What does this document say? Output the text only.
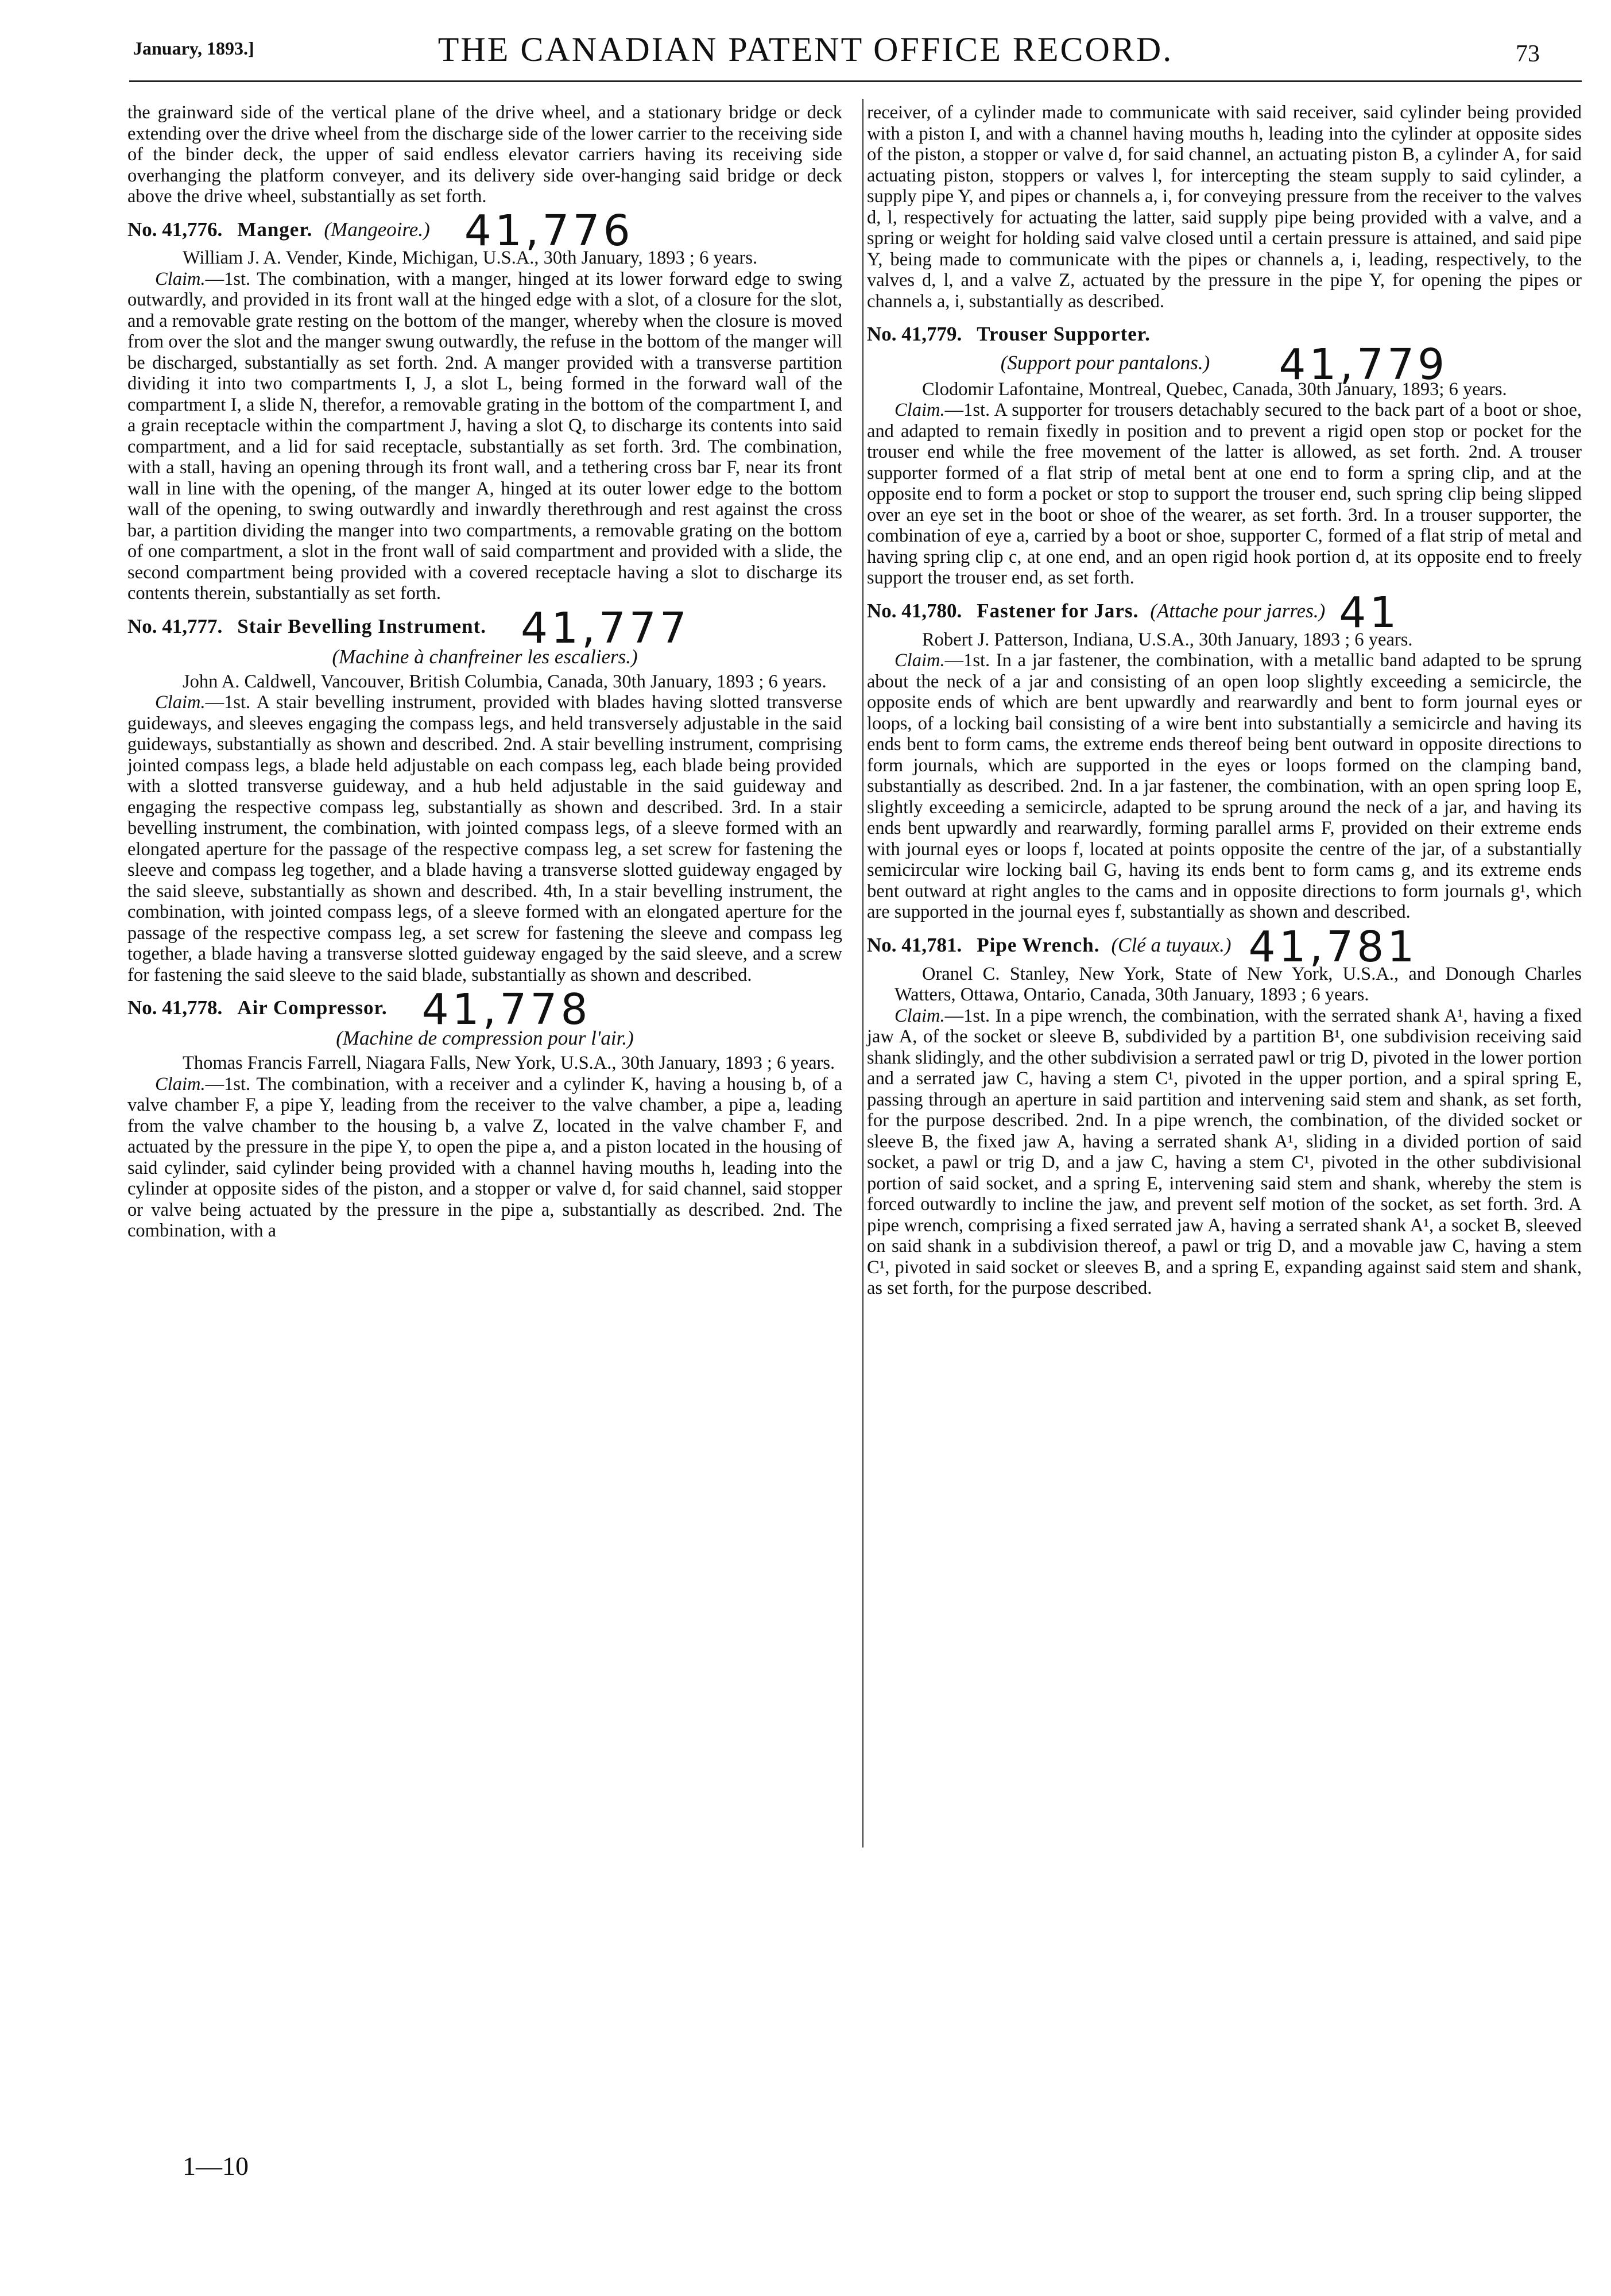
January, 1893.]	THE CANADIAN PATENT OFFICE RECORD.	73

the grainward side of the vertical plane of the drive wheel, and a stationary bridge or deck extending over the drive wheel from the discharge side of the lower carrier to the receiving side of the binder deck, the upper of said endless elevator carriers having its receiving side overhanging the platform conveyer, and its delivery side over-hanging said bridge or deck above the drive wheel, substantially as set forth.

No. 41,776. Manger. (Mangeoire.) 41,776

William J. A. Vender, Kinde, Michigan, U.S.A., 30th January, 1893 ; 6 years.

Claim.—1st. The combination, with a manger, hinged at its lower forward edge to swing outwardly, and provided in its front wall at the hinged edge with a slot, of a closure for the slot, and a removable grate resting on the bottom of the manger, whereby when the closure is moved from over the slot and the manger swung outwardly, the refuse in the bottom of the manger will be discharged, substantially as set forth. 2nd. A manger provided with a transverse partition dividing it into two compartments I, J, a slot L, being formed in the forward wall of the compartment I, a slide N, therefor, a removable grating in the bottom of the compartment I, and a grain receptacle within the compartment J, having a slot Q, to discharge its contents into said compartment, and a lid for said receptacle, substantially as set forth. 3rd. The combination, with a stall, having an opening through its front wall, and a tethering cross bar F, near its front wall in line with the opening, of the manger A, hinged at its outer lower edge to the bottom wall of the opening, to swing outwardly and inwardly therethrough and rest against the cross bar, a partition dividing the manger into two compartments, a removable grating on the bottom of one compartment, a slot in the front wall of said compartment and provided with a slide, the second compartment being provided with a covered receptacle having a slot to discharge its contents therein, substantially as set forth.

No. 41,777. Stair Bevelling Instrument. 41,777
(Machine à chanfreiner les escaliers.)

John A. Caldwell, Vancouver, British Columbia, Canada, 30th January, 1893 ; 6 years.

Claim.—1st. A stair bevelling instrument, provided with blades having slotted transverse guideways, and sleeves engaging the compass legs, and held transversely adjustable in the said guideways, substantially as shown and described. 2nd. A stair bevelling instrument, comprising jointed compass legs, a blade held adjustable on each compass leg, each blade being provided with a slotted transverse guideway, and a hub held adjustable in the said guideway and engaging the respective compass leg, substantially as shown and described. 3rd. In a stair bevelling instrument, the combination, with jointed compass legs, of a sleeve formed with an elongated aperture for the passage of the respective compass leg, a set screw for fastening the sleeve and compass leg together, and a blade having a transverse slotted guideway engaged by the said sleeve, substantially as shown and described. 4th, In a stair bevelling instrument, the combination, with jointed compass legs, of a sleeve formed with an elongated aperture for the passage of the respective compass leg, a set screw for fastening the sleeve and compass leg together, a blade having a transverse slotted guideway engaged by the said sleeve, and a screw for fastening the said sleeve to the said blade, substantially as shown and described.

No. 41,778. Air Compressor. 41,778
(Machine de compression pour l'air.)

Thomas Francis Farrell, Niagara Falls, New York, U.S.A., 30th January, 1893 ; 6 years.

Claim.—1st. The combination, with a receiver and a cylinder K, having a housing b, of a valve chamber F, a pipe Y, leading from the receiver to the valve chamber, a pipe a, leading from the valve chamber to the housing b, a valve Z, located in the valve chamber F, and actuated by the pressure in the pipe Y, to open the pipe a, and a piston located in the housing of said cylinder, said cylinder being provided with a channel having mouths h, leading into the cylinder at opposite sides of the piston, and a stopper or valve d, for said channel, said stopper or valve being actuated by the pressure in the pipe a, substantially as described. 2nd. The combination, with a

receiver, of a cylinder made to communicate with said receiver, said cylinder being provided with a piston I, and with a channel having mouths h, leading into the cylinder at opposite sides of the piston, a stopper or valve d, for said channel, an actuating piston B, a cylinder A, for said actuating piston, stoppers or valves l, for intercepting the steam supply to said cylinder, a supply pipe Y, and pipes or channels a, i, for conveying pressure from the receiver to the valves d, l, respectively for actuating the latter, said supply pipe being provided with a valve, and a spring or weight for holding said valve closed until a certain pressure is attained, and said pipe Y, being made to communicate with the pipes or channels a, i, leading, respectively, to the valves d, l, and a valve Z, actuated by the pressure in the pipe Y, for opening the pipes or channels a, i, substantially as described.

No. 41,779. Trouser Supporter.
(Support pour pantalons.) 41,779

Clodomir Lafontaine, Montreal, Quebec, Canada, 30th January, 1893; 6 years.

Claim.—1st. A supporter for trousers detachably secured to the back part of a boot or shoe, and adapted to remain fixedly in position and to prevent a rigid open stop or pocket for the trouser end while the free movement of the latter is allowed, as set forth. 2nd. A trouser supporter formed of a flat strip of metal bent at one end to form a spring clip, and at the opposite end to form a pocket or stop to support the trouser end, such spring clip being slipped over an eye set in the boot or shoe of the wearer, as set forth. 3rd. In a trouser supporter, the combination of eye a, carried by a boot or shoe, supporter C, formed of a flat strip of metal and having spring clip c, at one end, and an open rigid hook portion d, at its opposite end to freely support the trouser end, as set forth.

No. 41,780. Fastener for Jars. (Attache pour jarres.) 41

Robert J. Patterson, Indiana, U.S.A., 30th January, 1893 ; 6 years.

Claim.—1st. In a jar fastener, the combination, with a metallic band adapted to be sprung about the neck of a jar and consisting of an open loop slightly exceeding a semicircle, the opposite ends of which are bent upwardly and rearwardly and bent to form journal eyes or loops, of a locking bail consisting of a wire bent into substantially a semicircle and having its ends bent to form cams, the extreme ends thereof being bent outward in opposite directions to form journals, which are supported in the eyes or loops formed on the clamping band, substantially as described. 2nd. In a jar fastener, the combination, with an open spring loop E, slightly exceeding a semicircle, adapted to be sprung around the neck of a jar, and having its ends bent upwardly and rearwardly, forming parallel arms F, provided on their extreme ends with journal eyes or loops f, located at points opposite the centre of the jar, of a substantially semicircular wire locking bail G, having its ends bent to form cams g, and its extreme ends bent outward at right angles to the cams and in opposite directions to form journals g¹, which are supported in the journal eyes f, substantially as shown and described.

No. 41,781. Pipe Wrench. (Clé a tuyaux.) 41,781

Oranel C. Stanley, New York, State of New York, U.S.A., and Donough Charles Watters, Ottawa, Ontario, Canada, 30th January, 1893 ; 6 years.

Claim.—1st. In a pipe wrench, the combination, with the serrated shank A¹, having a fixed jaw A, of the socket or sleeve B, subdivided by a partition B¹, one subdivision receiving said shank slidingly, and the other subdivision a serrated pawl or trig D, pivoted in the lower portion and a serrated jaw C, having a stem C¹, pivoted in the upper portion, and a spiral spring E, passing through an aperture in said partition and intervening said stem and shank, as set forth, for the purpose described. 2nd. In a pipe wrench, the combination, of the divided socket or sleeve B, the fixed jaw A, having a serrated shank A¹, sliding in a divided portion of said socket, a pawl or trig D, and a jaw C, having a stem C¹, pivoted in the other subdivisional portion of said socket, and a spring E, intervening said stem and shank, whereby the stem is forced outwardly to incline the jaw, and prevent self motion of the socket, as set forth. 3rd. A pipe wrench, comprising a fixed serrated jaw A, having a serrated shank A¹, a socket B, sleeved on said shank in a subdivision thereof, a pawl or trig D, and a movable jaw C, having a stem C¹, pivoted in said socket or sleeves B, and a spring E, expanding against said stem and shank, as set forth, for the purpose described.

1—10
